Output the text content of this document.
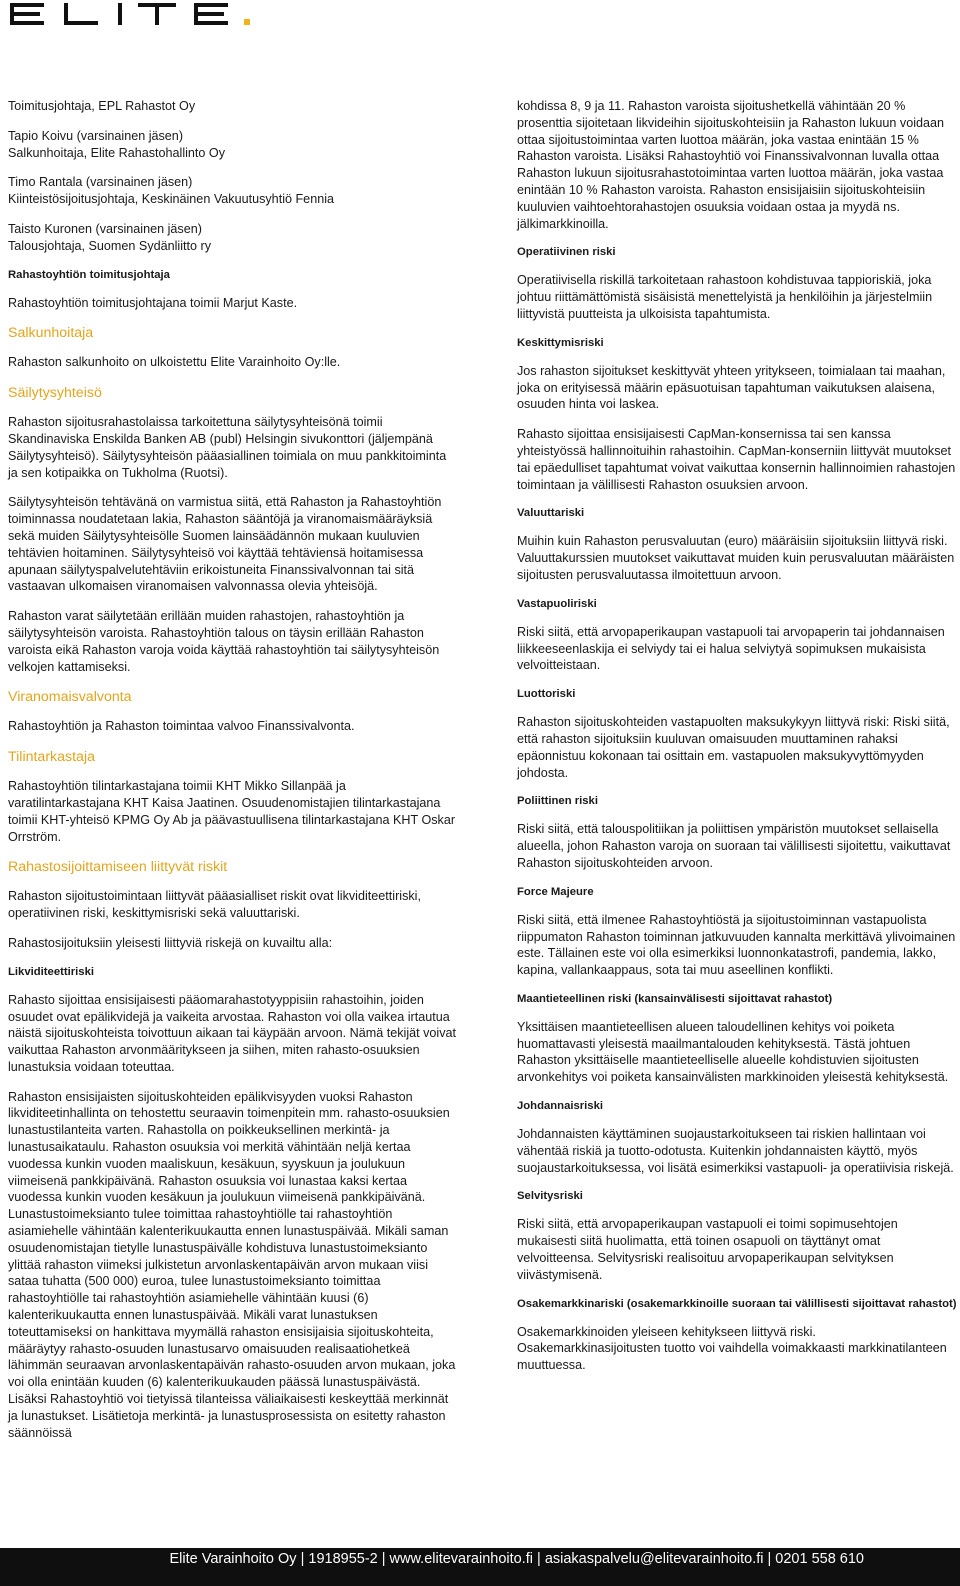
Toimitusjohtaja, EPL Rahastot Oy

Tapio Koivu (varsinainen jäsen)
Salkunhoitaja, Elite Rahastohallinto Oy

Timo Rantala (varsinainen jäsen)
Kiinteistösijoitusjohtaja, Keskinäinen Vakuutusyhtiö Fennia

Taisto Kuronen (varsinainen jäsen)
Talousjohtaja, Suomen Sydänliitto ry

Rahastoyhtiön toimitusjohtaja

Rahastoyhtiön toimitusjohtajana toimii Marjut Kaste.

Salkunhoitaja

Rahaston salkunhoito on ulkoistettu Elite Varainhoito Oy:lle.

Säilytysyhteisö

Rahaston sijoitusrahastolaissa tarkoitettuna säilytysyhteisönä toimii Skandinaviska Enskilda Banken AB (publ) Helsingin sivukonttori (jäljempänä Säilytysyhteisö). Säilytysyhteisön pääasiallinen toimiala on muu pankkitoiminta ja sen kotipaikka on Tukholma (Ruotsi).

Säilytysyhteisön tehtävänä on varmistua siitä, että Rahaston ja Rahastoyhtiön toiminnassa noudatetaan lakia, Rahaston sääntöjä ja viranomaismääräyksiä sekä muiden Säilytysyhteisölle Suomen lainsäädännön mukaan kuuluvien tehtävien hoitaminen. Säilytysyhteisö voi käyttää tehtäviensä hoitamisessa apunaan säilytyspalvelutehtäviin erikoistuneita Finanssivalvonnan tai sitä vastaavan ulkomaisen viranomaisen valvonnassa olevia yhteisöjä.

Rahaston varat säilytetään erillään muiden rahastojen, rahastoyhtiön ja säilytysyhteisön varoista. Rahastoyhtiön talous on täysin erillään Rahaston varoista eikä Rahaston varoja voida käyttää rahastoyhtiön tai säilytysyhteisön velkojen kattamiseksi.

Viranomaisvalvonta

Rahastoyhtiön ja Rahaston toimintaa valvoo Finanssivalvonta.

Tilintarkastaja

Rahastoyhtiön tilintarkastajana toimii KHT Mikko Sillanpää ja varatilintarkastajana KHT Kaisa Jaatinen. Osuudenomistajien tilintarkastajana toimii KHT-yhteisö KPMG Oy Ab ja päävastuullisena tilintarkastajana KHT Oskar Orrström.

Rahastosijoittamiseen liittyvät riskit

Rahaston sijoitustoimintaan liittyvät pääasialliset riskit ovat likviditeettiriski, operatiivinen riski, keskittymisriski sekä valuuttariski.

Rahastosijoituksiin yleisesti liittyviä riskejä on kuvailtu alla:

Likviditeettiriski

Rahasto sijoittaa ensisijaisesti pääomarahastotyyppisiin rahastoihin, joiden osuudet ovat epälikvidejä ja vaikeita arvostaa. Rahaston voi olla vaikea irtautua näistä sijoituskohteista toivottuun aikaan tai käypään arvoon. Nämä tekijät voivat vaikuttaa Rahaston arvonmääritykseen ja siihen, miten rahasto-osuuksien lunastuksia voidaan toteuttaa.

Rahaston ensisijaisten sijoituskohteiden epälikvisyyden vuoksi Rahaston likviditeetinhallinta on tehostettu seuraavin toimenpitein mm. rahasto-osuuksien lunastustilanteita varten. Rahastolla on poikkeuksellinen merkintä- ja lunastusaikataulu. Rahaston osuuksia voi merkitä vähintään neljä kertaa vuodessa kunkin vuoden maaliskuun, kesäkuun, syyskuun ja joulukuun viimeisenä pankkipäivänä. Rahaston osuuksia voi lunastaa kaksi kertaa vuodessa kunkin vuoden kesäkuun ja joulukuun viimeisenä pankkipäivänä. Lunastustoimeksianto tulee toimittaa rahastoyhtiölle tai rahastoyhtiön asiamiehelle vähintään kalenterikuukautta ennen lunastuspäivää. Mikäli saman osuudenomistajan tietylle lunastuspäivälle kohdistuva lunastustoimeksianto ylittää rahaston viimeksi julkistetun arvonlaskentapäivän arvon mukaan viisi sataa tuhatta (500 000) euroa, tulee lunastustoimeksianto toimittaa rahastoyhtiölle tai rahastoyhtiön asiamiehelle vähintään kuusi (6) kalenterikuukautta ennen lunastuspäivää. Mikäli varat lunastuksen toteuttamiseksi on hankittava myymällä rahaston ensisijaisia sijoituskohteita, määräytyy rahasto-osuuden lunastusarvo omaisuuden realisaatiohetkeä lähimmän seuraavan arvonlaskentapäivän rahasto-osuuden arvon mukaan, joka voi olla enintään kuuden (6) kalenterikuukauden päässä lunastuspäivästä. Lisäksi Rahastoyhtiö voi tietyissä tilanteissa väliaikaisesti keskeyttää merkinnät ja lunastukset. Lisätietoja merkintä- ja lunastusprosessista on esitetty rahaston säännöissä

kohdissa 8, 9 ja 11. Rahaston varoista sijoitushetkellä vähintään 20 % prosenttia sijoitetaan likvideihin sijoituskohteisiin ja Rahaston lukuun voidaan ottaa sijoitustoimintaa varten luottoa määrän, joka vastaa enintään 15 % Rahaston varoista. Lisäksi Rahastoyhtiö voi Finanssivalvonnan luvalla ottaa Rahaston lukuun sijoitusrahastotoimintaa varten luottoa määrän, joka vastaa enintään 10 % Rahaston varoista. Rahaston ensisijaisiin sijoituskohteisiin kuuluvien vaihtoehtorahastojen osuuksia voidaan ostaa ja myydä ns. jälkimarkkinoilla.

Operatiivinen riski

Operatiivisella riskillä tarkoitetaan rahastoon kohdistuvaa tappioriskiä, joka johtuu riittämättömistä sisäisistä menettelyistä ja henkilöihin ja järjestelmiin liittyvistä puutteista ja ulkoisista tapahtumista.

Keskittymisriski

Jos rahaston sijoitukset keskittyvät yhteen yritykseen, toimialaan tai maahan, joka on erityisessä määrin epäsuotuisan tapahtuman vaikutuksen alaisena, osuuden hinta voi laskea.

Rahasto sijoittaa ensisijaisesti CapMan-konsernissa tai sen kanssa yhteistyössä hallinnoituihin rahastoihin. CapMan-konserniin liittyvät muutokset tai epäedulliset tapahtumat voivat vaikuttaa konsernin hallinnoimien rahastojen toimintaan ja välillisesti Rahaston osuuksien arvoon.

Valuuttariski

Muihin kuin Rahaston perusvaluutan (euro) määräisiin sijoituksiin liittyvä riski. Valuuttakurssien muutokset vaikuttavat muiden kuin perusvaluutan määräisten sijoitusten perusvaluutassa ilmoitettuun arvoon.

Vastapuoliriski

Riski siitä, että arvopaperikaupan vastapuoli tai arvopaperin tai johdannaisen liikkeeseenlaskija ei selviydy tai ei halua selviytyä sopimuksen mukaisista velvoitteistaan.

Luottoriski

Rahaston sijoituskohteiden vastapuolten maksukykyyn liittyvä riski: Riski siitä, että rahaston sijoituksiin kuuluvan omaisuuden muuttaminen rahaksi epäonnistuu kokonaan tai osittain em. vastapuolen maksukyvyttömyyden johdosta.

Poliittinen riski

Riski siitä, että talouspolitiikan ja poliittisen ympäristön muutokset sellaisella alueella, johon Rahaston varoja on suoraan tai välillisesti sijoitettu, vaikuttavat Rahaston sijoituskohteiden arvoon.

Force Majeure

Riski siitä, että ilmenee Rahastoyhtiöstä ja sijoitustoiminnan vastapuolista riippumaton Rahaston toiminnan jatkuvuuden kannalta merkittävä ylivoimainen este. Tällainen este voi olla esimerkiksi luonnonkatastrofi, pandemia, lakko, kapina, vallankaappaus, sota tai muu aseellinen konflikti.

Maantieteellinen riski (kansainvälisesti sijoittavat rahastot)

Yksittäisen maantieteellisen alueen taloudellinen kehitys voi poiketa huomattavasti yleisestä maailmantalouden kehityksestä. Tästä johtuen Rahaston yksittäiselle maantieteelliselle alueelle kohdistuvien sijoitusten arvonkehitys voi poiketa kansainvälisten markkinoiden yleisestä kehityksestä.

Johdannaisriski

Johdannaisten käyttäminen suojaustarkoitukseen tai riskien hallintaan voi vähentää riskiä ja tuotto-odotusta. Kuitenkin johdannaisten käyttö, myös suojaustarkoituksessa, voi lisätä esimerkiksi vastapuoli- ja operatiivisia riskejä.

Selvitysriski

Riski siitä, että arvopaperikaupan vastapuoli ei toimi sopimusehtojen mukaisesti siitä huolimatta, että toinen osapuoli on täyttänyt omat velvoitteensa. Selvitysriski realisoituu arvopaperikaupan selvityksen viivästymisenä.

Osakemarkkinariski (osakemarkkinoille suoraan tai välillisesti sijoittavat rahastot)

Osakemarkkinoiden yleiseen kehitykseen liittyvä riski. Osakemarkkinasijoitusten tuotto voi vaihdella voimakkaasti markkinatilanteen muuttuessa.

Elite Varainhoito Oy | 1918955-2 | www.elitevarainhoito.fi | asiakaspalvelu@elitevarainhoito.fi | 0201 558 610
